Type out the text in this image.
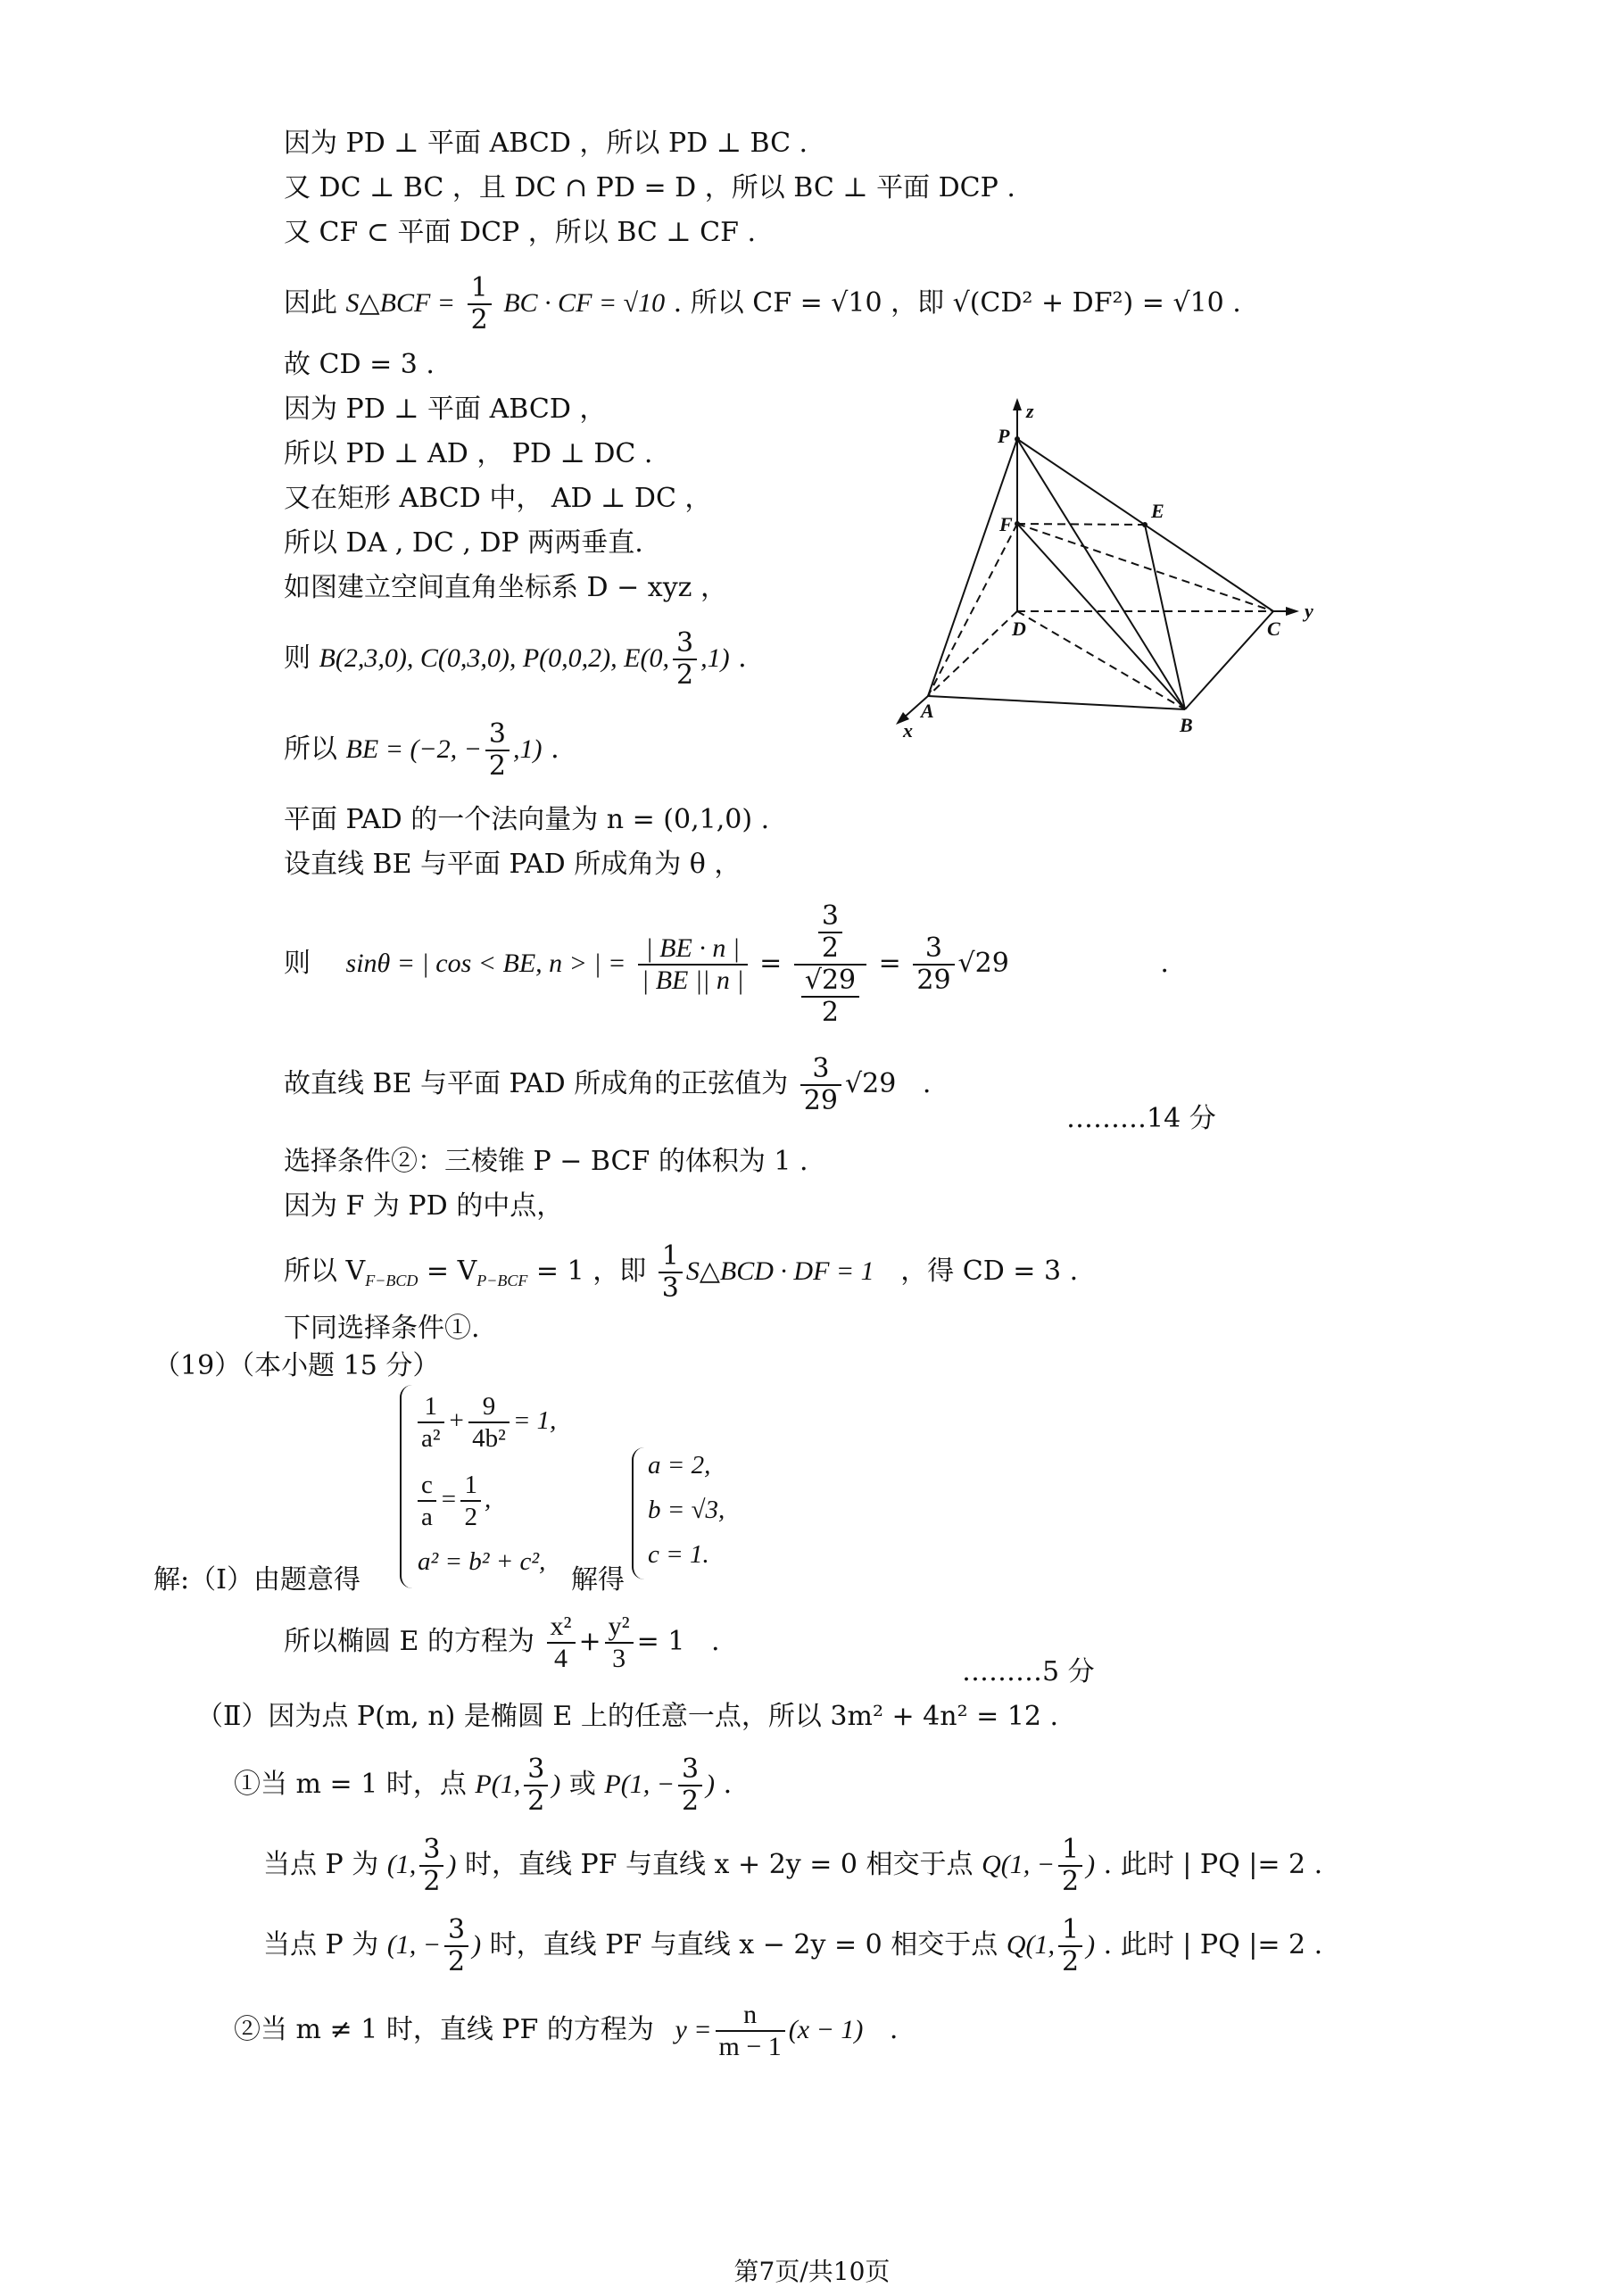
因为 PD ⊥ 平面 ABCD ，所以 PD ⊥ BC .
又 DC ⊥ BC ，且 DC ∩ PD = D ，所以 BC ⊥ 平面 DCP .
又 CF ⊂ 平面 DCP ，所以 BC ⊥ CF .
因此 S△BCF = $\frac{1}{2}$ BC · CF = √10 . 所以 CF = √10 ，即 √(CD² + DF²) = √10 .
故 CD = 3 .
因为 PD ⊥ 平面 ABCD ，
所以 PD ⊥ AD ， PD ⊥ DC .
又在矩形 ABCD 中， AD ⊥ DC ，
所以 DA , DC , DP 两两垂直.
如图建立空间直角坐标系 D − xyz ，
则 B(2,3,0), C(0,3,0), P(0,0,2), E(0, $\frac{3}{2} ,1$) .
所以 BE = (−2, − $\frac{3}{2} ,1$) .
平面 PAD 的一个法向量为 n = (0,1,0) .
设直线 BE 与平面 PAD 所成角为 θ ，
则 sinθ = | cos < BE, n > | = $\frac{| BE \cdot n |}{| BE || n |} = \frac{\frac{3}{2}}{\frac{√29}{2}} = \frac{3}{29} √29$	.
故直线 BE 与平面 PAD 所成角的正弦值为 $\frac{3}{29} √29$ .
………14 分
选择条件②：三棱锥 P − BCF 的体积为 1 .
因为 F 为 PD 的中点，
所以 $V_{F-BCD} = V_{P-BCF} = 1$ ，即 $\frac{1}{3}$ S△BCD · DF = 1 ，得 CD = 3 .
下同选择条件①.
（19）（本小题 15 分）
$\frac{1}{\text{a²}} + \frac{9}{\text{4b²}} = 1$,
$\frac{c}{a} = \frac{1}{2}$ ,
a² = b² + c²,
解:（Ⅰ）由题意得	解得
a = 2,
b = √3,
c = 1.
所以椭圆 E 的方程为 $\frac{\text{x²}}{4} + \frac{\text{y²}}{3} = 1$ .
………5 分
（Ⅱ）因为点 P(m, n) 是椭圆 E 上的任意一点，所以 3m² + 4n² = 12 .
①当 m = 1 时，点 P(1, $\frac{3}{2}$ ) 或 P(1, − $\frac{3}{2}$ ) .
当点 P 为 (1, $\frac{3}{2}$ ) 时，直线 PF 与直线 x + 2y = 0 相交于点 Q(1, − $\frac{1}{2}$ ) . 此时 | PQ |= 2 .
当点 P 为 (1, − $\frac{3}{2}$ ) 时，直线 PF 与直线 x − 2y = 0 相交于点 Q(1, $\frac{1}{2}$ ) . 此时 | PQ |= 2 .
②当 m ≠ 1 时，直线 PF 的方程为 $y = \frac{n}{m - 1} (x - 1)$ .
P
z
F
E
D	C
y
A
B
x
第7页/共10页
